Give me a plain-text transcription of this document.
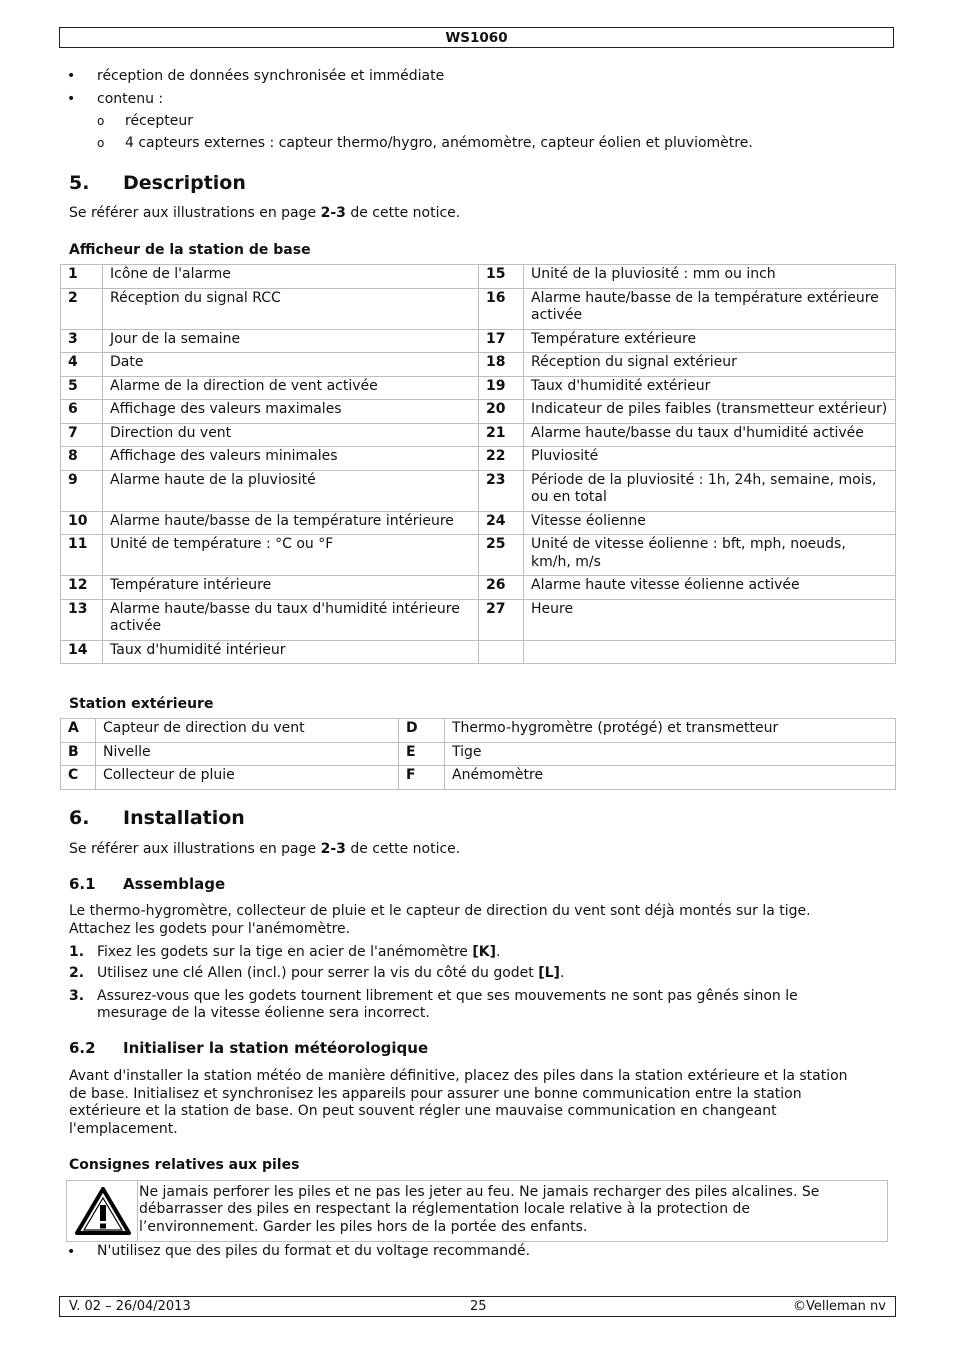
WS1060
• réception de données synchronisée et immédiate
• contenu :
o récepteur
o 4 capteurs externes : capteur thermo/hygro, anémomètre, capteur éolien et pluviomètre.
5. Description
Se référer aux illustrations en page 2-3 de cette notice.
Afficheur de la station de base
1	Icône de l'alarme	15	Unité de la pluviosité : mm ou inch
2	Réception du signal RCC	16	Alarme haute/basse de la température extérieure activée
3	Jour de la semaine	17	Température extérieure
4	Date	18	Réception du signal extérieur
5	Alarme de la direction de vent activée	19	Taux d'humidité extérieur
6	Affichage des valeurs maximales	20	Indicateur de piles faibles (transmetteur extérieur)
7	Direction du vent	21	Alarme haute/basse du taux d'humidité activée
8	Affichage des valeurs minimales	22	Pluviosité
9	Alarme haute de la pluviosité	23	Période de la pluviosité : 1h, 24h, semaine, mois, ou en total
10	Alarme haute/basse de la température intérieure	24	Vitesse éolienne
11	Unité de température : °C ou °F	25	Unité de vitesse éolienne : bft, mph, noeuds, km/h, m/s
12	Température intérieure	26	Alarme haute vitesse éolienne activée
13	Alarme haute/basse du taux d'humidité intérieure activée	27	Heure
14	Taux d'humidité intérieur		
Station extérieure
A	Capteur de direction du vent	D	Thermo-hygromètre (protégé) et transmetteur
B	Nivelle	E	Tige
C	Collecteur de pluie	F	Anémomètre
6. Installation
Se référer aux illustrations en page 2-3 de cette notice.
6.1 Assemblage
Le thermo-hygromètre, collecteur de pluie et le capteur de direction du vent sont déjà montés sur la tige.
Attachez les godets pour l'anémomètre.
1. Fixez les godets sur la tige en acier de l'anémomètre [K].
2. Utilisez une clé Allen (incl.) pour serrer la vis du côté du godet [L].
3. Assurez-vous que les godets tournent librement et que ses mouvements ne sont pas gênés sinon le
mesurage de la vitesse éolienne sera incorrect.
6.2 Initialiser la station météorologique
Avant d'installer la station météo de manière définitive, placez des piles dans la station extérieure et la station
de base. Initialisez et synchronisez les appareils pour assurer une bonne communication entre la station
extérieure et la station de base. On peut souvent régler une mauvaise communication en changeant
l'emplacement.
Consignes relatives aux piles
Ne jamais perforer les piles et ne pas les jeter au feu. Ne jamais recharger des piles alcalines. Se
débarrasser des piles en respectant la réglementation locale relative à la protection de
l’environnement. Garder les piles hors de la portée des enfants.
• N'utilisez que des piles du format et du voltage recommandé.
V. 02 – 26/04/2013	25	©Velleman nv
